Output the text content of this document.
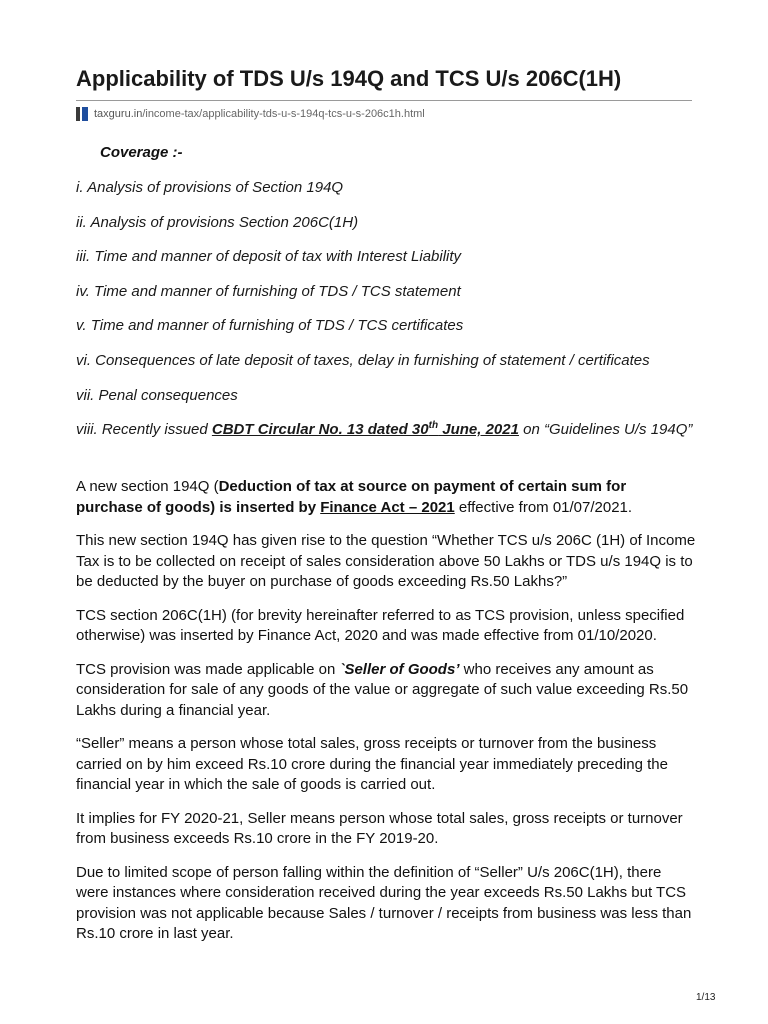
Applicability of TDS U/s 194Q and TCS U/s 206C(1H)
taxguru.in /income-tax/applicability-tds-u-s-194q-tcs-u-s-206c1h.html
Coverage :-
i. Analysis of provisions of Section 194Q
ii. Analysis of provisions Section 206C(1H)
iii. Time and manner of deposit of tax with Interest Liability
iv. Time and manner of furnishing of TDS / TCS statement
v. Time and manner of furnishing of TDS / TCS certificates
vi. Consequences of late deposit of taxes, delay in furnishing of statement / certificates
vii. Penal consequences
viii. Recently issued CBDT Circular No. 13 dated 30th June, 2021 on “Guidelines U/s 194Q”

A new section 194Q (Deduction of tax at source on payment of certain sum for purchase of goods) is inserted by Finance Act – 2021 effective from 01/07/2021.

This new section 194Q has given rise to the question “Whether TCS u/s 206C (1H) of Income Tax is to be collected on receipt of sales consideration above 50 Lakhs or TDS u/s 194Q is to be deducted by the buyer on purchase of goods exceeding Rs.50 Lakhs?”

TCS section 206C(1H) (for brevity hereinafter referred to as TCS provision, unless specified otherwise) was inserted by Finance Act, 2020 and was made effective from 01/10/2020.

TCS provision was made applicable on `Seller of Goods’ who receives any amount as consideration for sale of any goods of the value or aggregate of such value exceeding Rs.50 Lakhs during a financial year.

“Seller” means a person whose total sales, gross receipts or turnover from the business carried on by him exceed Rs.10 crore during the financial year immediately preceding the financial year in which the sale of goods is carried out.

It implies for FY 2020-21, Seller means person whose total sales, gross receipts or turnover from business exceeds Rs.10 crore in the FY 2019-20.

Due to limited scope of person falling within the definition of “Seller” U/s 206C(1H), there were instances where consideration received during the year exceeds Rs.50 Lakhs but TCS provision was not applicable because Sales / turnover / receipts from business was less than Rs.10 crore in last year.

1/13
